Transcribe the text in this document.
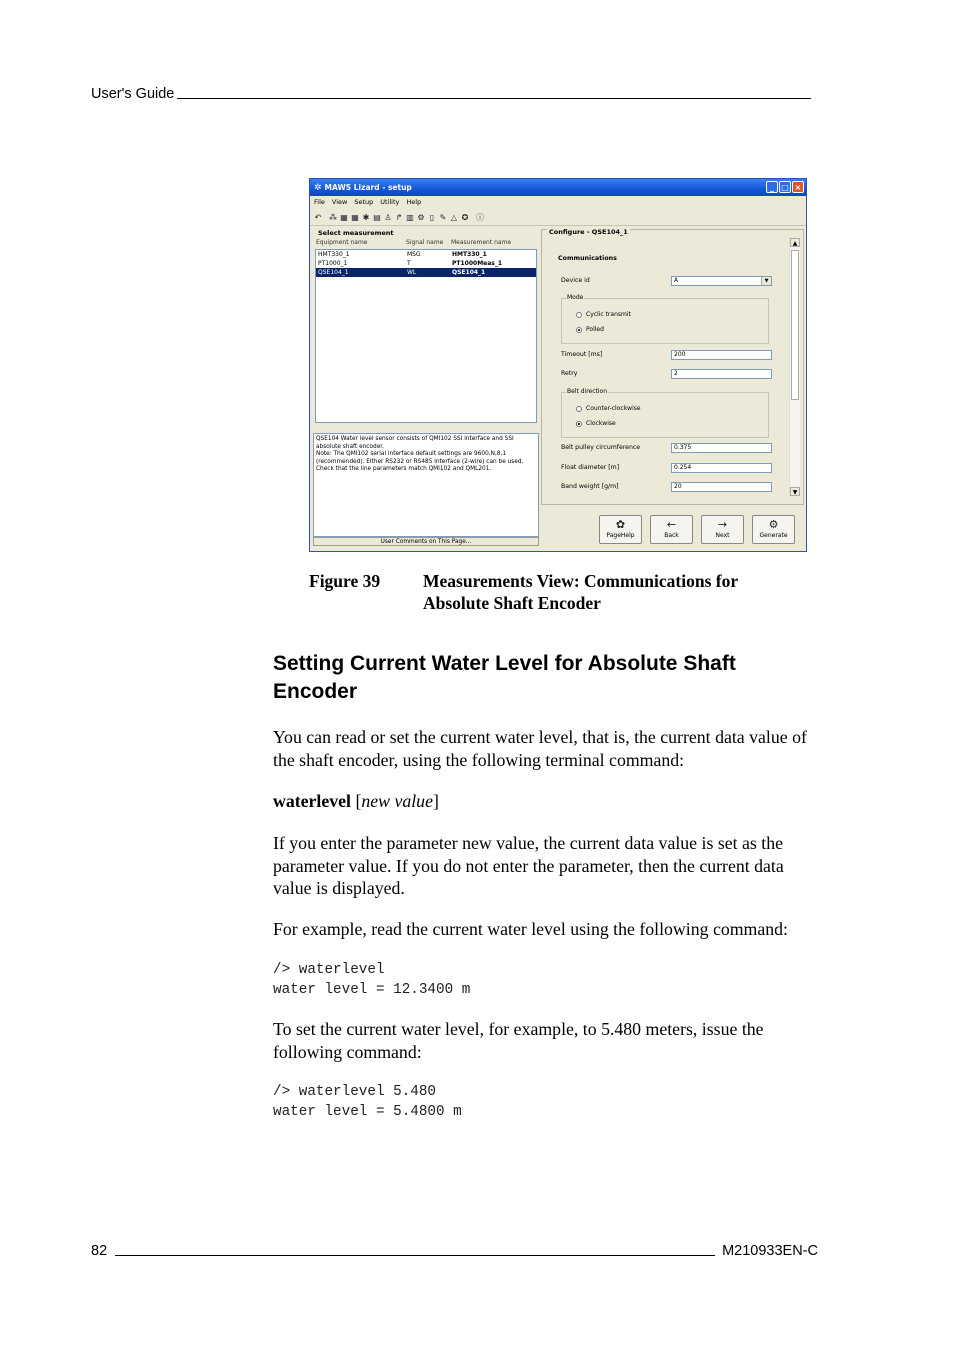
User's Guide
✲ MAWS Lizard - setup	_ □ ×
File View Setup Utility Help
↶ ⁂ ▦ ▦ ✱ ▤ ♙ ↱ ▥ ⚙ ▯ ✎ △ ✪ ⓘ
Select measurement
Equipment name	Signal name	Measurement name
HMT330_1	MSG	HMT330_1
PT1000_1	T	PT1000Meas_1
QSE104_1	WL	QSE104_1
QSE104 Water level sensor consists of QMI102 SSI interface and SSI
absolute shaft encoder.
Note: The QMI102 serial interface default settings are 9600,N,8,1
(recommended). Either RS232 or RS485 interface (2-wire) can be used.
Check that the line parameters match QMI102 and QML201.
User Comments on This Page...
Configure - QSE104_1
▲
▼
Communications
Device id	A	▼
Mode
Cyclic transmit
Polled
Timeout [ms]	200
Retry	2
Belt direction
Counter-clockwise
Clockwise
Belt pulley circumference	0.375
Float diameter [m]	0.254
Band weight [g/m]	20
✿
PageHelp
←
Back
→
Next
⚙
Generate
Figure 39 Measurements View: Communications for Absolute Shaft Encoder
Setting Current Water Level for Absolute Shaft Encoder
You can read or set the current water level, that is, the current data value of the shaft encoder, using the following terminal command:
waterlevel [new value]
If you enter the parameter new value, the current data value is set as the parameter value. If you do not enter the parameter, then the current data value is displayed.
For example, read the current water level using the following command:
/> waterlevel
water level = 12.3400 m
To set the current water level, for example, to 5.480 meters, issue the following command:
/> waterlevel 5.480
water level = 5.4800 m
82	M210933EN-C
